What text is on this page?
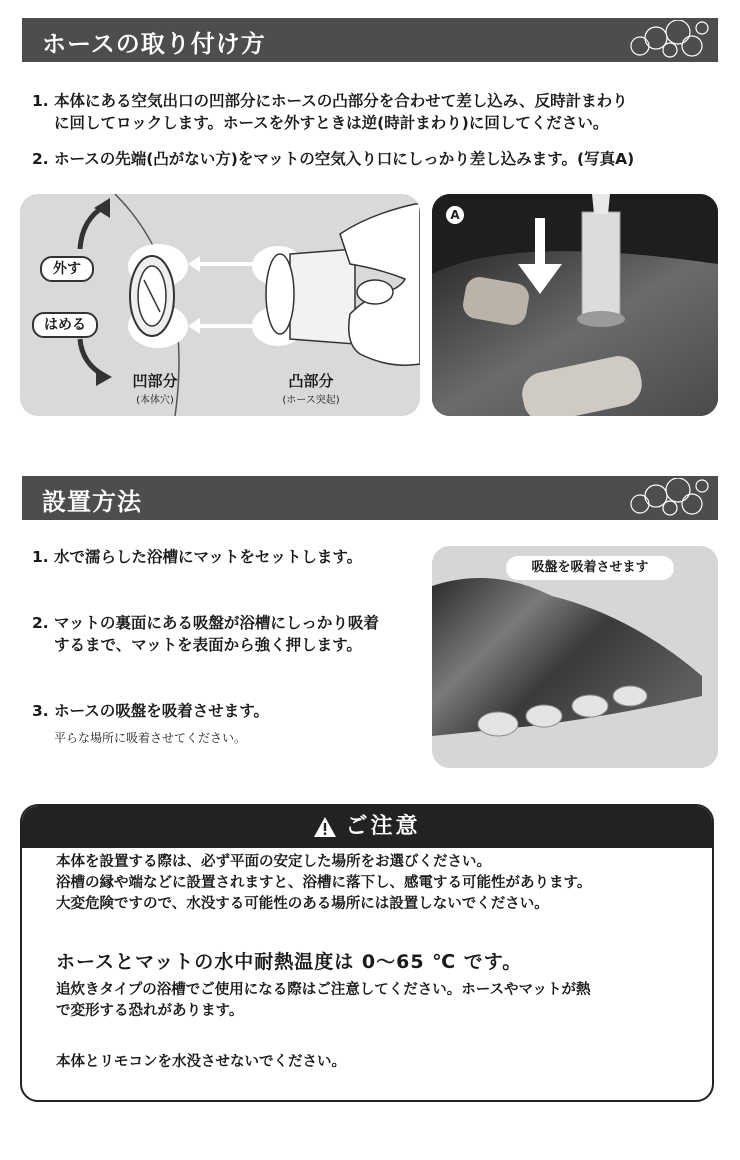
ホースの取り付け方
1. 本体にある空気出口の凹部分にホースの凸部分を合わせて差し込み、反時計まわり
に回してロックします。ホースを外すときは逆(時計まわり)に回してください。
2. ホースの先端(凸がない方)をマットの空気入り口にしっかり差し込みます。(写真A)
外す
はめる
凹部分
(本体穴)
凸部分
(ホース突起)
A
設置方法
1. 水で濡らした浴槽にマットをセットします。
2. マットの裏面にある吸盤が浴槽にしっかり吸着
するまで、マットを表面から強く押します。
3. ホースの吸盤を吸着させます。
平らな場所に吸着させてください。
吸盤を吸着させます
ご注意

本体を設置する際は、必ず平面の安定した場所をお選びください。

浴槽の縁や端などに設置されますと、浴槽に落下し、感電する可能性があります。

大変危険ですので、水没する可能性のある場所には設置しないでください。

ホースとマットの水中耐熱温度は 0～65 ℃ です。

追炊きタイプの浴槽でご使用になる際はご注意してください。ホースやマットが熱

で変形する恐れがあります。

本体とリモコンを水没させないでください。
